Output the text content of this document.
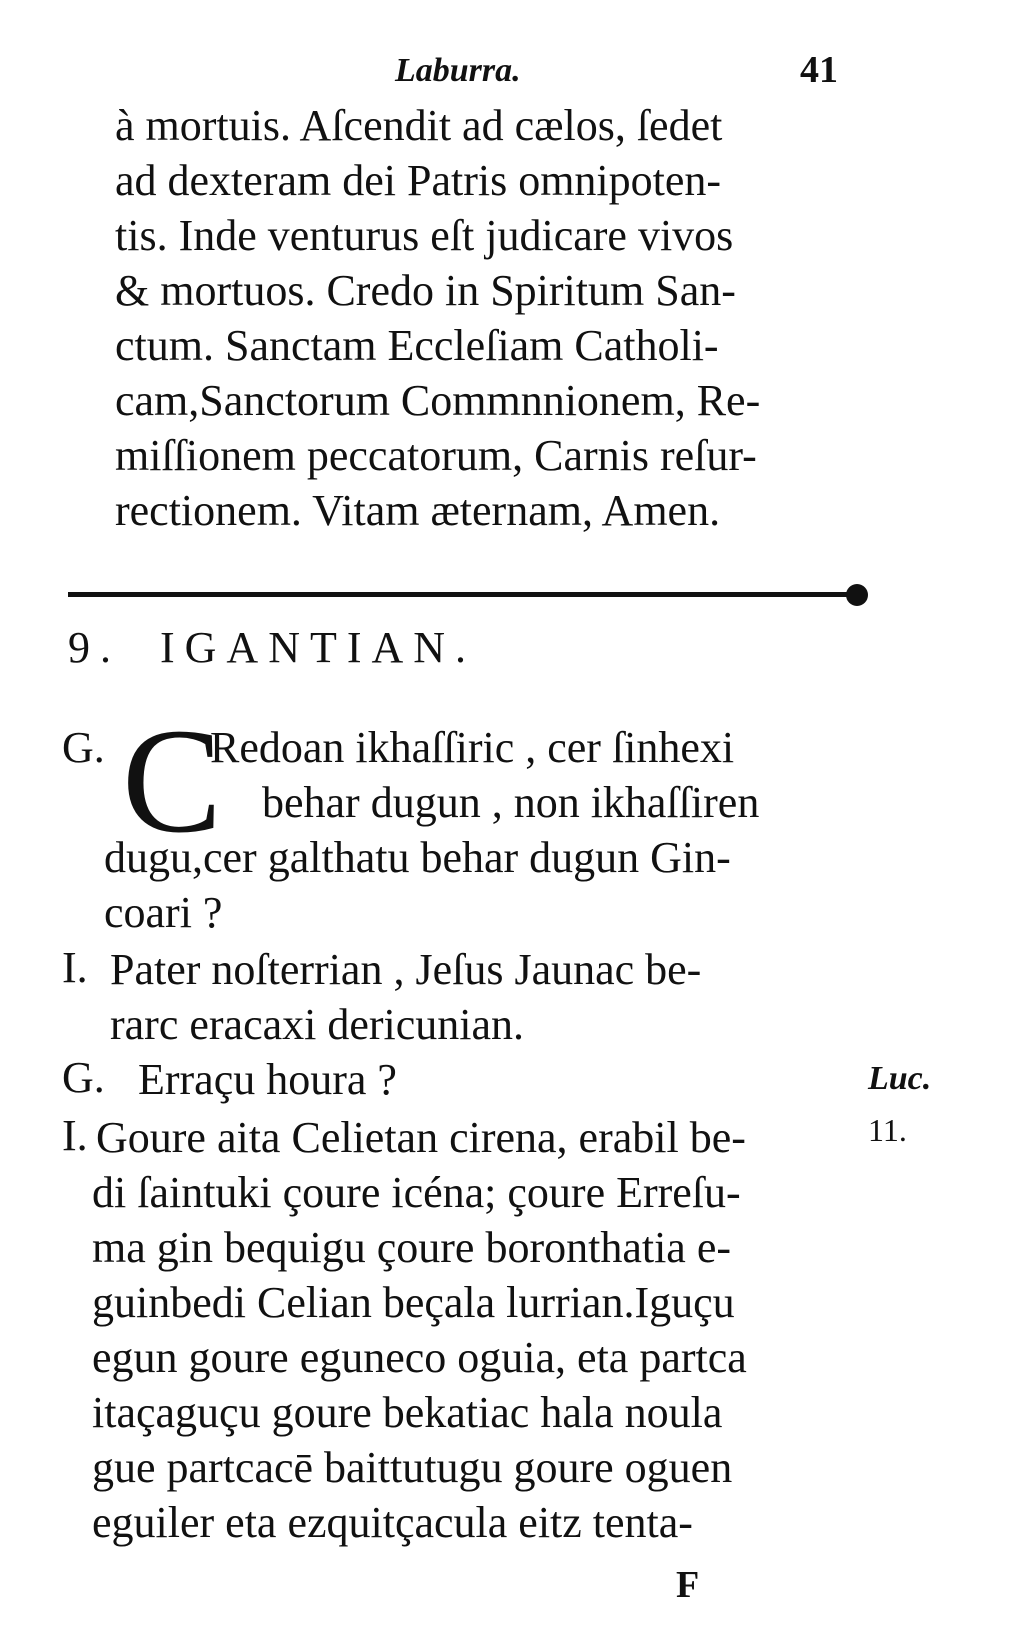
Laburra.	41
à mortuis. Aſcendit ad cælos, ſedet
ad dexteram dei Patris omnipoten-
tis. Inde venturus eſt judicare vivos
& mortuos. Credo in Spiritum San-
ctum. Sanctam Eccleſiam Catholi-
cam,Sanctorum Commnnionem, Re-
miſſionem peccatorum, Carnis reſur-
rectionem. Vitam æternam, Amen.
9. IGANTIAN.
G. C
Redoan ikhaſſiric , cer ſinhexi
behar dugun , non ikhaſſiren
dugu,cer galthatu behar dugun Gin-
coari ?
I. Pater noſterrian , Jeſus Jaunac be-
rarc eracaxi dericunian.
G. Erraçu houra ?
I. Goure aita Celietan cirena, erabil be-
di ſaintuki çoure icéna; çoure Erreſu-
ma gin bequigu çoure boronthatia e-
guinbedi Celian beçala lurrian.Iguçu
egun goure eguneco oguia, eta partca
itaçaguçu goure bekatiac hala noula
gue partcacē baittutugu goure oguen
eguiler eta ezquitçacula eitz tenta-
Luc.
11.
F
